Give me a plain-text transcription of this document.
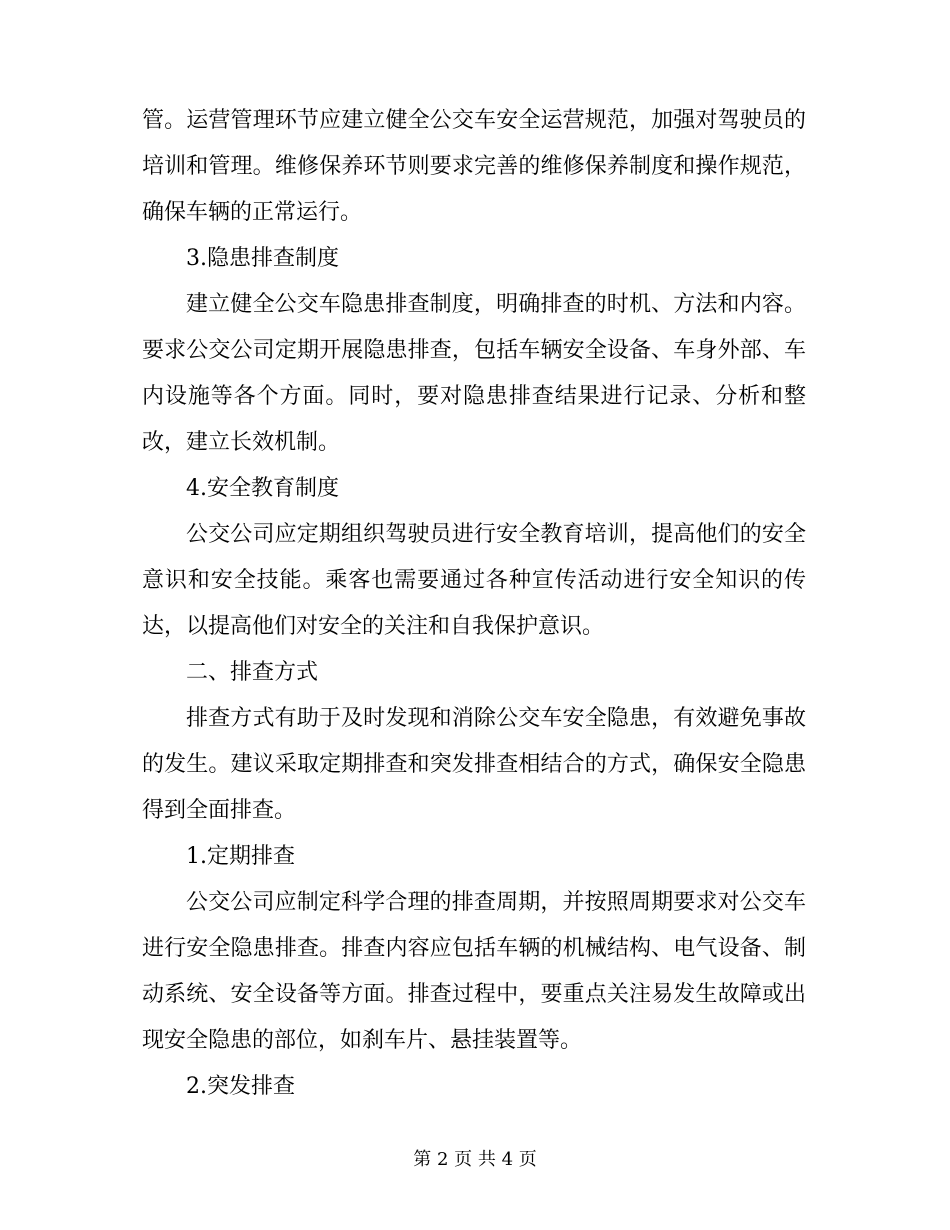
管。运营管理环节应建立健全公交车安全运营规范，加强对驾驶员的培训和管理。维修保养环节则要求完善的维修保养制度和操作规范，确保车辆的正常运行。

3.隐患排查制度

建立健全公交车隐患排查制度，明确排查的时机、方法和内容。要求公交公司定期开展隐患排查，包括车辆安全设备、车身外部、车内设施等各个方面。同时，要对隐患排查结果进行记录、分析和整改，建立长效机制。

4.安全教育制度

公交公司应定期组织驾驶员进行安全教育培训，提高他们的安全意识和安全技能。乘客也需要通过各种宣传活动进行安全知识的传达，以提高他们对安全的关注和自我保护意识。

二、排查方式

排查方式有助于及时发现和消除公交车安全隐患，有效避免事故的发生。建议采取定期排查和突发排查相结合的方式，确保安全隐患得到全面排查。

1.定期排查

公交公司应制定科学合理的排查周期，并按照周期要求对公交车进行安全隐患排查。排查内容应包括车辆的机械结构、电气设备、制动系统、安全设备等方面。排查过程中，要重点关注易发生故障或出现安全隐患的部位，如刹车片、悬挂装置等。

2.突发排查

第 2 页 共 4 页
